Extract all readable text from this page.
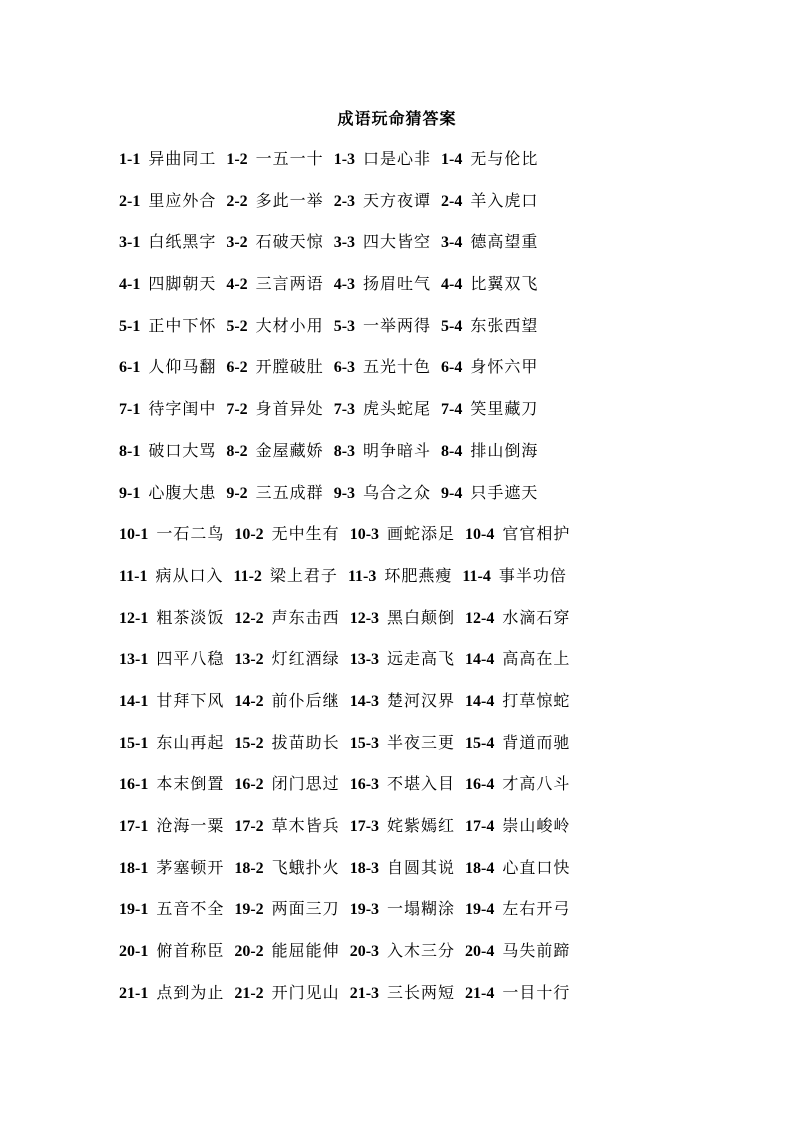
成语玩命猜答案
1-1 异曲同工 1-2 一五一十 1-3 口是心非 1-4 无与伦比
2-1 里应外合 2-2 多此一举 2-3 天方夜谭 2-4 羊入虎口
3-1 白纸黑字 3-2 石破天惊 3-3 四大皆空 3-4 德高望重
4-1 四脚朝天 4-2 三言两语 4-3 扬眉吐气 4-4 比翼双飞
5-1 正中下怀 5-2 大材小用 5-3 一举两得 5-4 东张西望
6-1 人仰马翻 6-2 开膛破肚 6-3 五光十色 6-4 身怀六甲
7-1 待字闺中 7-2 身首异处 7-3 虎头蛇尾 7-4 笑里藏刀
8-1 破口大骂 8-2 金屋藏娇 8-3 明争暗斗 8-4 排山倒海
9-1 心腹大患 9-2 三五成群 9-3 乌合之众 9-4 只手遮天
10-1 一石二鸟 10-2 无中生有 10-3 画蛇添足 10-4 官官相护
11-1 病从口入 11-2 梁上君子 11-3 环肥燕瘦 11-4 事半功倍
12-1 粗茶淡饭 12-2 声东击西 12-3 黑白颠倒 12-4 水滴石穿
13-1 四平八稳 13-2 灯红酒绿 13-3 远走高飞 14-4 高高在上
14-1 甘拜下风 14-2 前仆后继 14-3 楚河汉界 14-4 打草惊蛇
15-1 东山再起 15-2 拔苗助长 15-3 半夜三更 15-4 背道而驰
16-1 本末倒置 16-2 闭门思过 16-3 不堪入目 16-4 才高八斗
17-1 沧海一粟 17-2 草木皆兵 17-3 姹紫嫣红 17-4 崇山峻岭
18-1 茅塞顿开 18-2 飞蛾扑火 18-3 自圆其说 18-4 心直口快
19-1 五音不全 19-2 两面三刀 19-3 一塌糊涂 19-4 左右开弓
20-1 俯首称臣 20-2 能屈能伸 20-3 入木三分 20-4 马失前蹄
21-1 点到为止 21-2 开门见山 21-3 三长两短 21-4 一目十行
